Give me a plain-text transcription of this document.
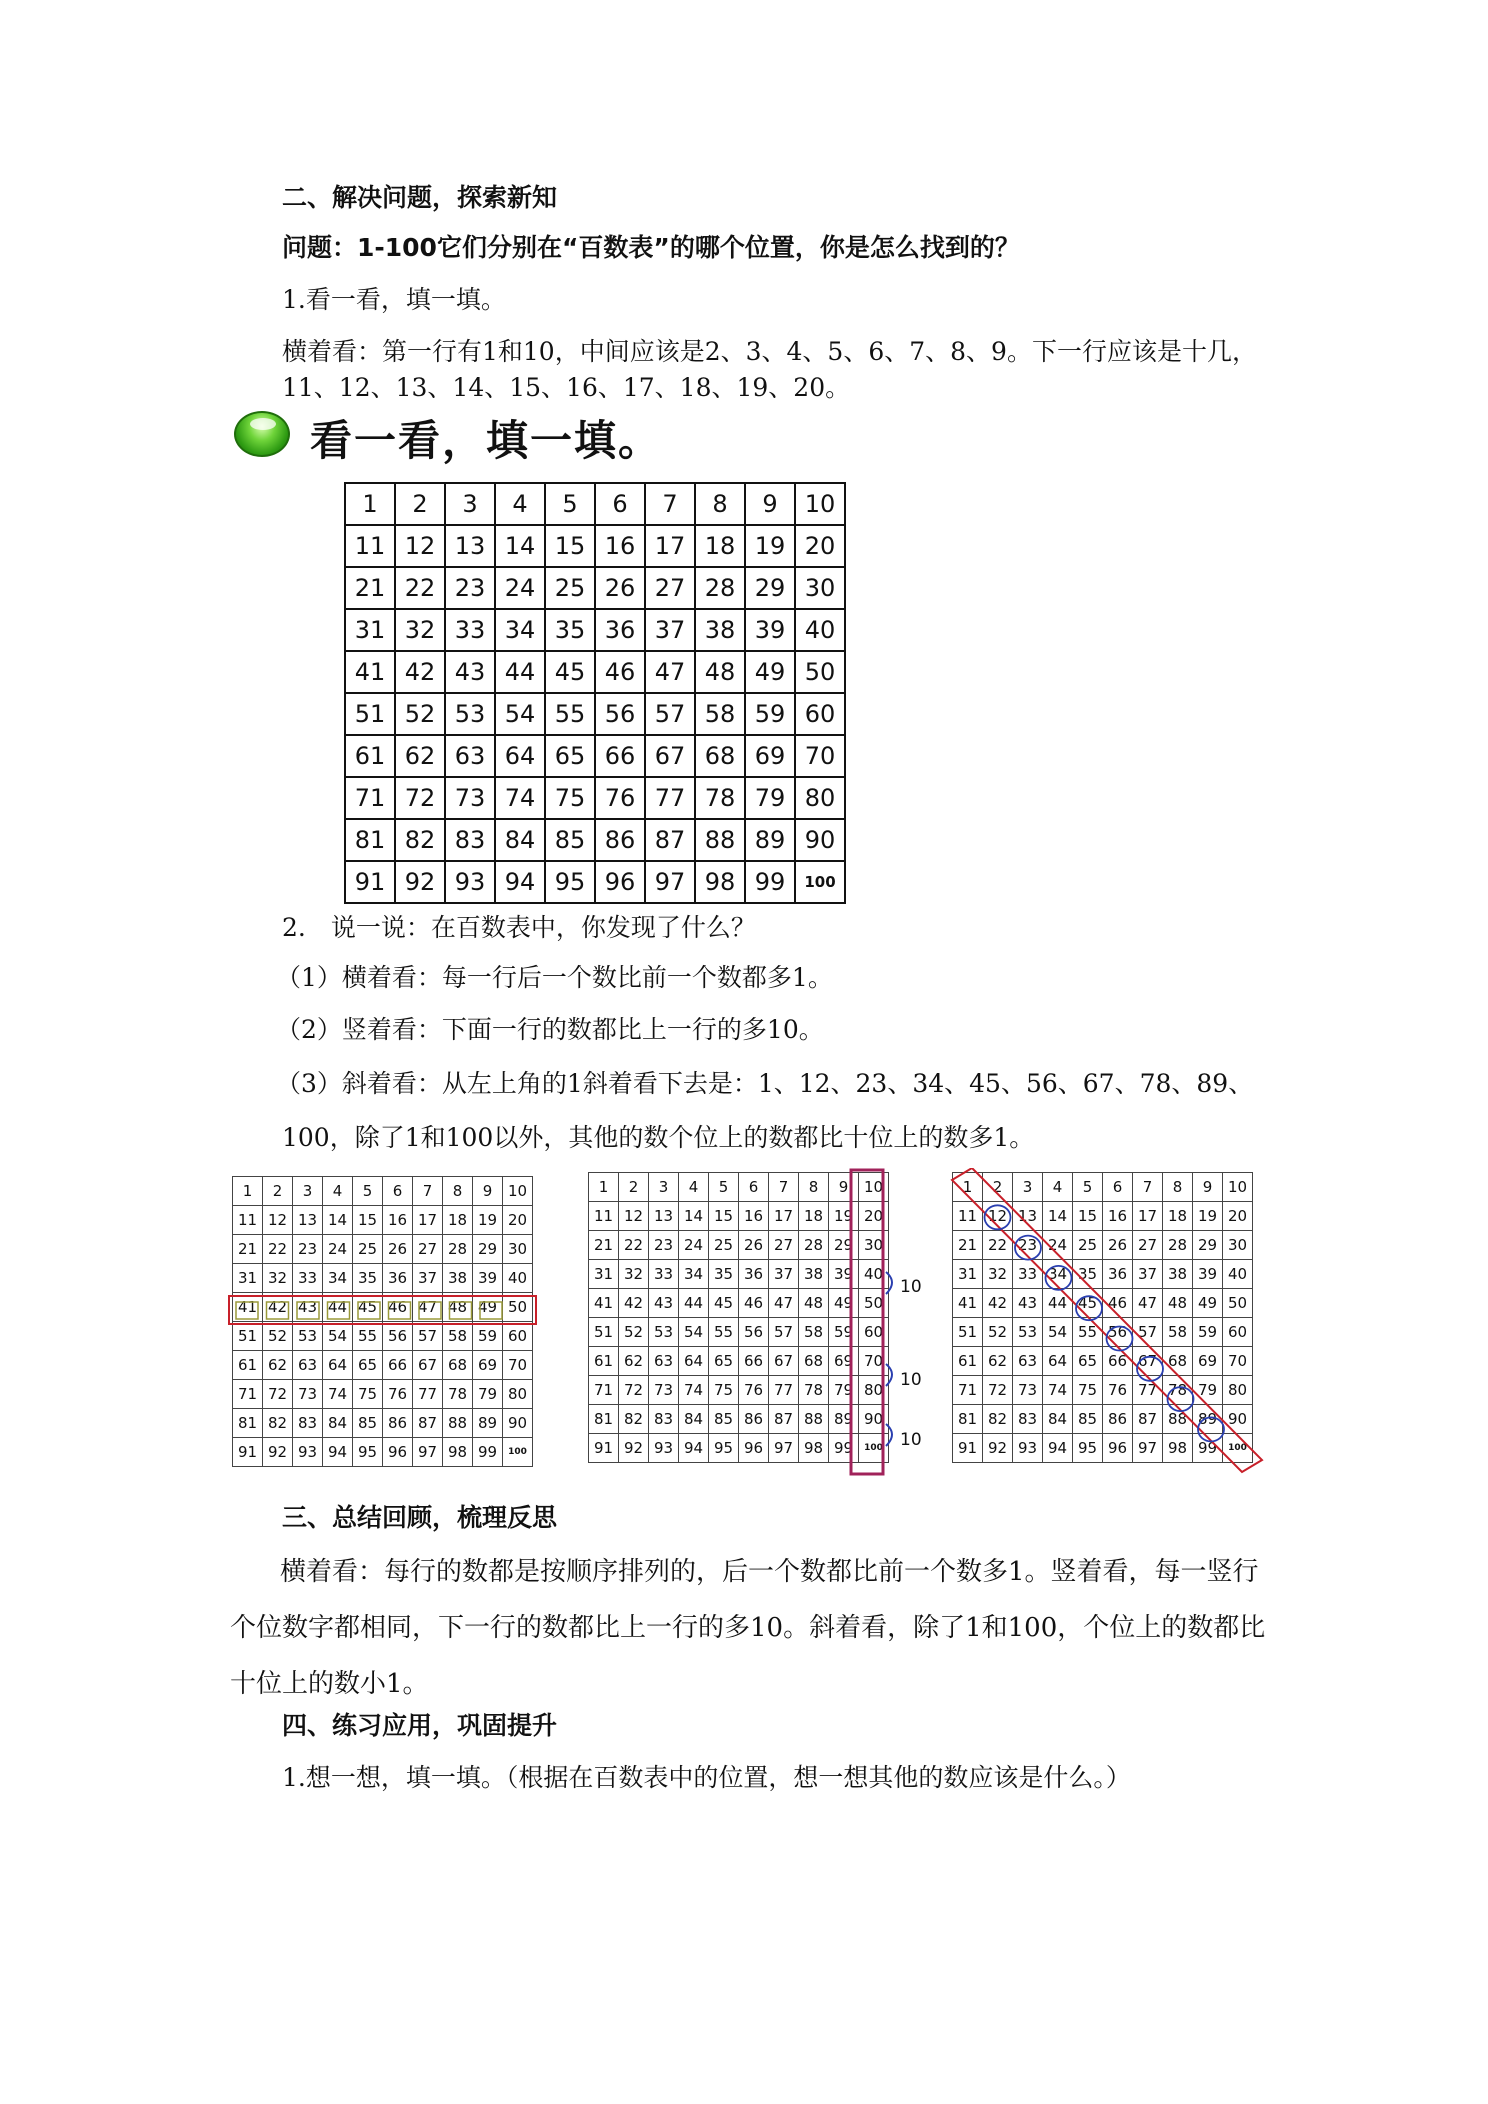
二、解决问题，探索新知
问题：1-100它们分别在“百数表”的哪个位置，你是怎么找到的？
1.看一看，填一填。
横着看：第一行有1和10，中间应该是2、3、4、5、6、7、8、9。下一行应该是十几，
11、12、13、14、15、16、17、18、19、20。
看一看，填一填。
1	2	3	4	5	6	7	8	9	10
11	12	13	14	15	16	17	18	19	20
21	22	23	24	25	26	27	28	29	30
31	32	33	34	35	36	37	38	39	40
41	42	43	44	45	46	47	48	49	50
51	52	53	54	55	56	57	58	59	60
61	62	63	64	65	66	67	68	69	70
71	72	73	74	75	76	77	78	79	80
81	82	83	84	85	86	87	88	89	90
91	92	93	94	95	96	97	98	99	100
2.　说一说：在百数表中，你发现了什么？
（1）横着看：每一行后一个数比前一个数都多1。
（2）竖着看：下面一行的数都比上一行的多10。
（3）斜着看：从左上角的1斜着看下去是：1、12、23、34、45、56、67、78、89、
100，除了1和100以外，其他的数个位上的数都比十位上的数多1。
1	2	3	4	5	6	7	8	9	10
11	12	13	14	15	16	17	18	19	20
21	22	23	24	25	26	27	28	29	30
31	32	33	34	35	36	37	38	39	40
41	42	43	44	45	46	47	48	49	50
51	52	53	54	55	56	57	58	59	60
61	62	63	64	65	66	67	68	69	70
71	72	73	74	75	76	77	78	79	80
81	82	83	84	85	86	87	88	89	90
91	92	93	94	95	96	97	98	99	100
1	2	3	4	5	6	7	8	9	10
11	12	13	14	15	16	17	18	19	20
21	22	23	24	25	26	27	28	29	30
31	32	33	34	35	36	37	38	39	40
41	42	43	44	45	46	47	48	49	50
51	52	53	54	55	56	57	58	59	60
61	62	63	64	65	66	67	68	69	70
71	72	73	74	75	76	77	78	79	80
81	82	83	84	85	86	87	88	89	90
91	92	93	94	95	96	97	98	99	100
10
10
10
1	2	3	4	5	6	7	8	9	10
11	12	13	14	15	16	17	18	19	20
21	22	23	24	25	26	27	28	29	30
31	32	33	34	35	36	37	38	39	40
41	42	43	44	45	46	47	48	49	50
51	52	53	54	55	56	57	58	59	60
61	62	63	64	65	66	67	68	69	70
71	72	73	74	75	76	77	78	79	80
81	82	83	84	85	86	87	88	89	90
91	92	93	94	95	96	97	98	99	100
三、总结回顾，梳理反思
横着看：每行的数都是按顺序排列的，后一个数都比前一个数多1。竖着看，每一竖行个位数字都相同，下一行的数都比上一行的多10。斜着看，除了1和100，个位上的数都比十位上的数小1。
四、练习应用，巩固提升
1.想一想，填一填。（根据在百数表中的位置，想一想其他的数应该是什么。）
